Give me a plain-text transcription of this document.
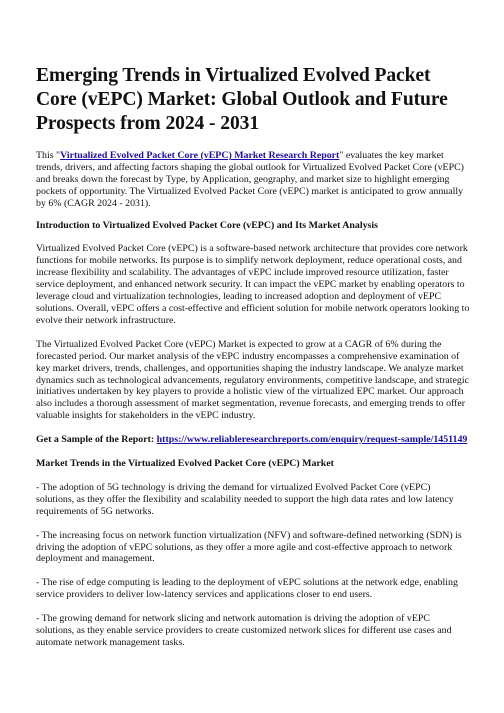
Emerging Trends in Virtualized Evolved Packet Core (vEPC) Market: Global Outlook and Future Prospects from 2024 - 2031

This "Virtualized Evolved Packet Core (vEPC) Market Research Report" evaluates the key market trends, drivers, and affecting factors shaping the global outlook for Virtualized Evolved Packet Core (vEPC) and breaks down the forecast by Type, by Application, geography, and market size to highlight emerging pockets of opportunity. The Virtualized Evolved Packet Core (vEPC) market is anticipated to grow annually by 6% (CAGR 2024 - 2031).

Introduction to Virtualized Evolved Packet Core (vEPC) and Its Market Analysis

Virtualized Evolved Packet Core (vEPC) is a software-based network architecture that provides core network functions for mobile networks. Its purpose is to simplify network deployment, reduce operational costs, and increase flexibility and scalability. The advantages of vEPC include improved resource utilization, faster service deployment, and enhanced network security. It can impact the vEPC market by enabling operators to leverage cloud and virtualization technologies, leading to increased adoption and deployment of vEPC solutions. Overall, vEPC offers a cost-effective and efficient solution for mobile network operators looking to evolve their network infrastructure.

The Virtualized Evolved Packet Core (vEPC) Market is expected to grow at a CAGR of 6% during the forecasted period. Our market analysis of the vEPC industry encompasses a comprehensive examination of key market drivers, trends, challenges, and opportunities shaping the industry landscape. We analyze market dynamics such as technological advancements, regulatory environments, competitive landscape, and strategic initiatives undertaken by key players to provide a holistic view of the virtualized EPC market. Our approach also includes a thorough assessment of market segmentation, revenue forecasts, and emerging trends to offer valuable insights for stakeholders in the vEPC industry.

Get a Sample of the Report: https://www.reliableresearchreports.com/enquiry/request-sample/1451149

Market Trends in the Virtualized Evolved Packet Core (vEPC) Market

- The adoption of 5G technology is driving the demand for virtualized Evolved Packet Core (vEPC) solutions, as they offer the flexibility and scalability needed to support the high data rates and low latency requirements of 5G networks.

- The increasing focus on network function virtualization (NFV) and software-defined networking (SDN) is driving the adoption of vEPC solutions, as they offer a more agile and cost-effective approach to network deployment and management.

- The rise of edge computing is leading to the deployment of vEPC solutions at the network edge, enabling service providers to deliver low-latency services and applications closer to end users.

- The growing demand for network slicing and network automation is driving the adoption of vEPC solutions, as they enable service providers to create customized network slices for different use cases and automate network management tasks.
